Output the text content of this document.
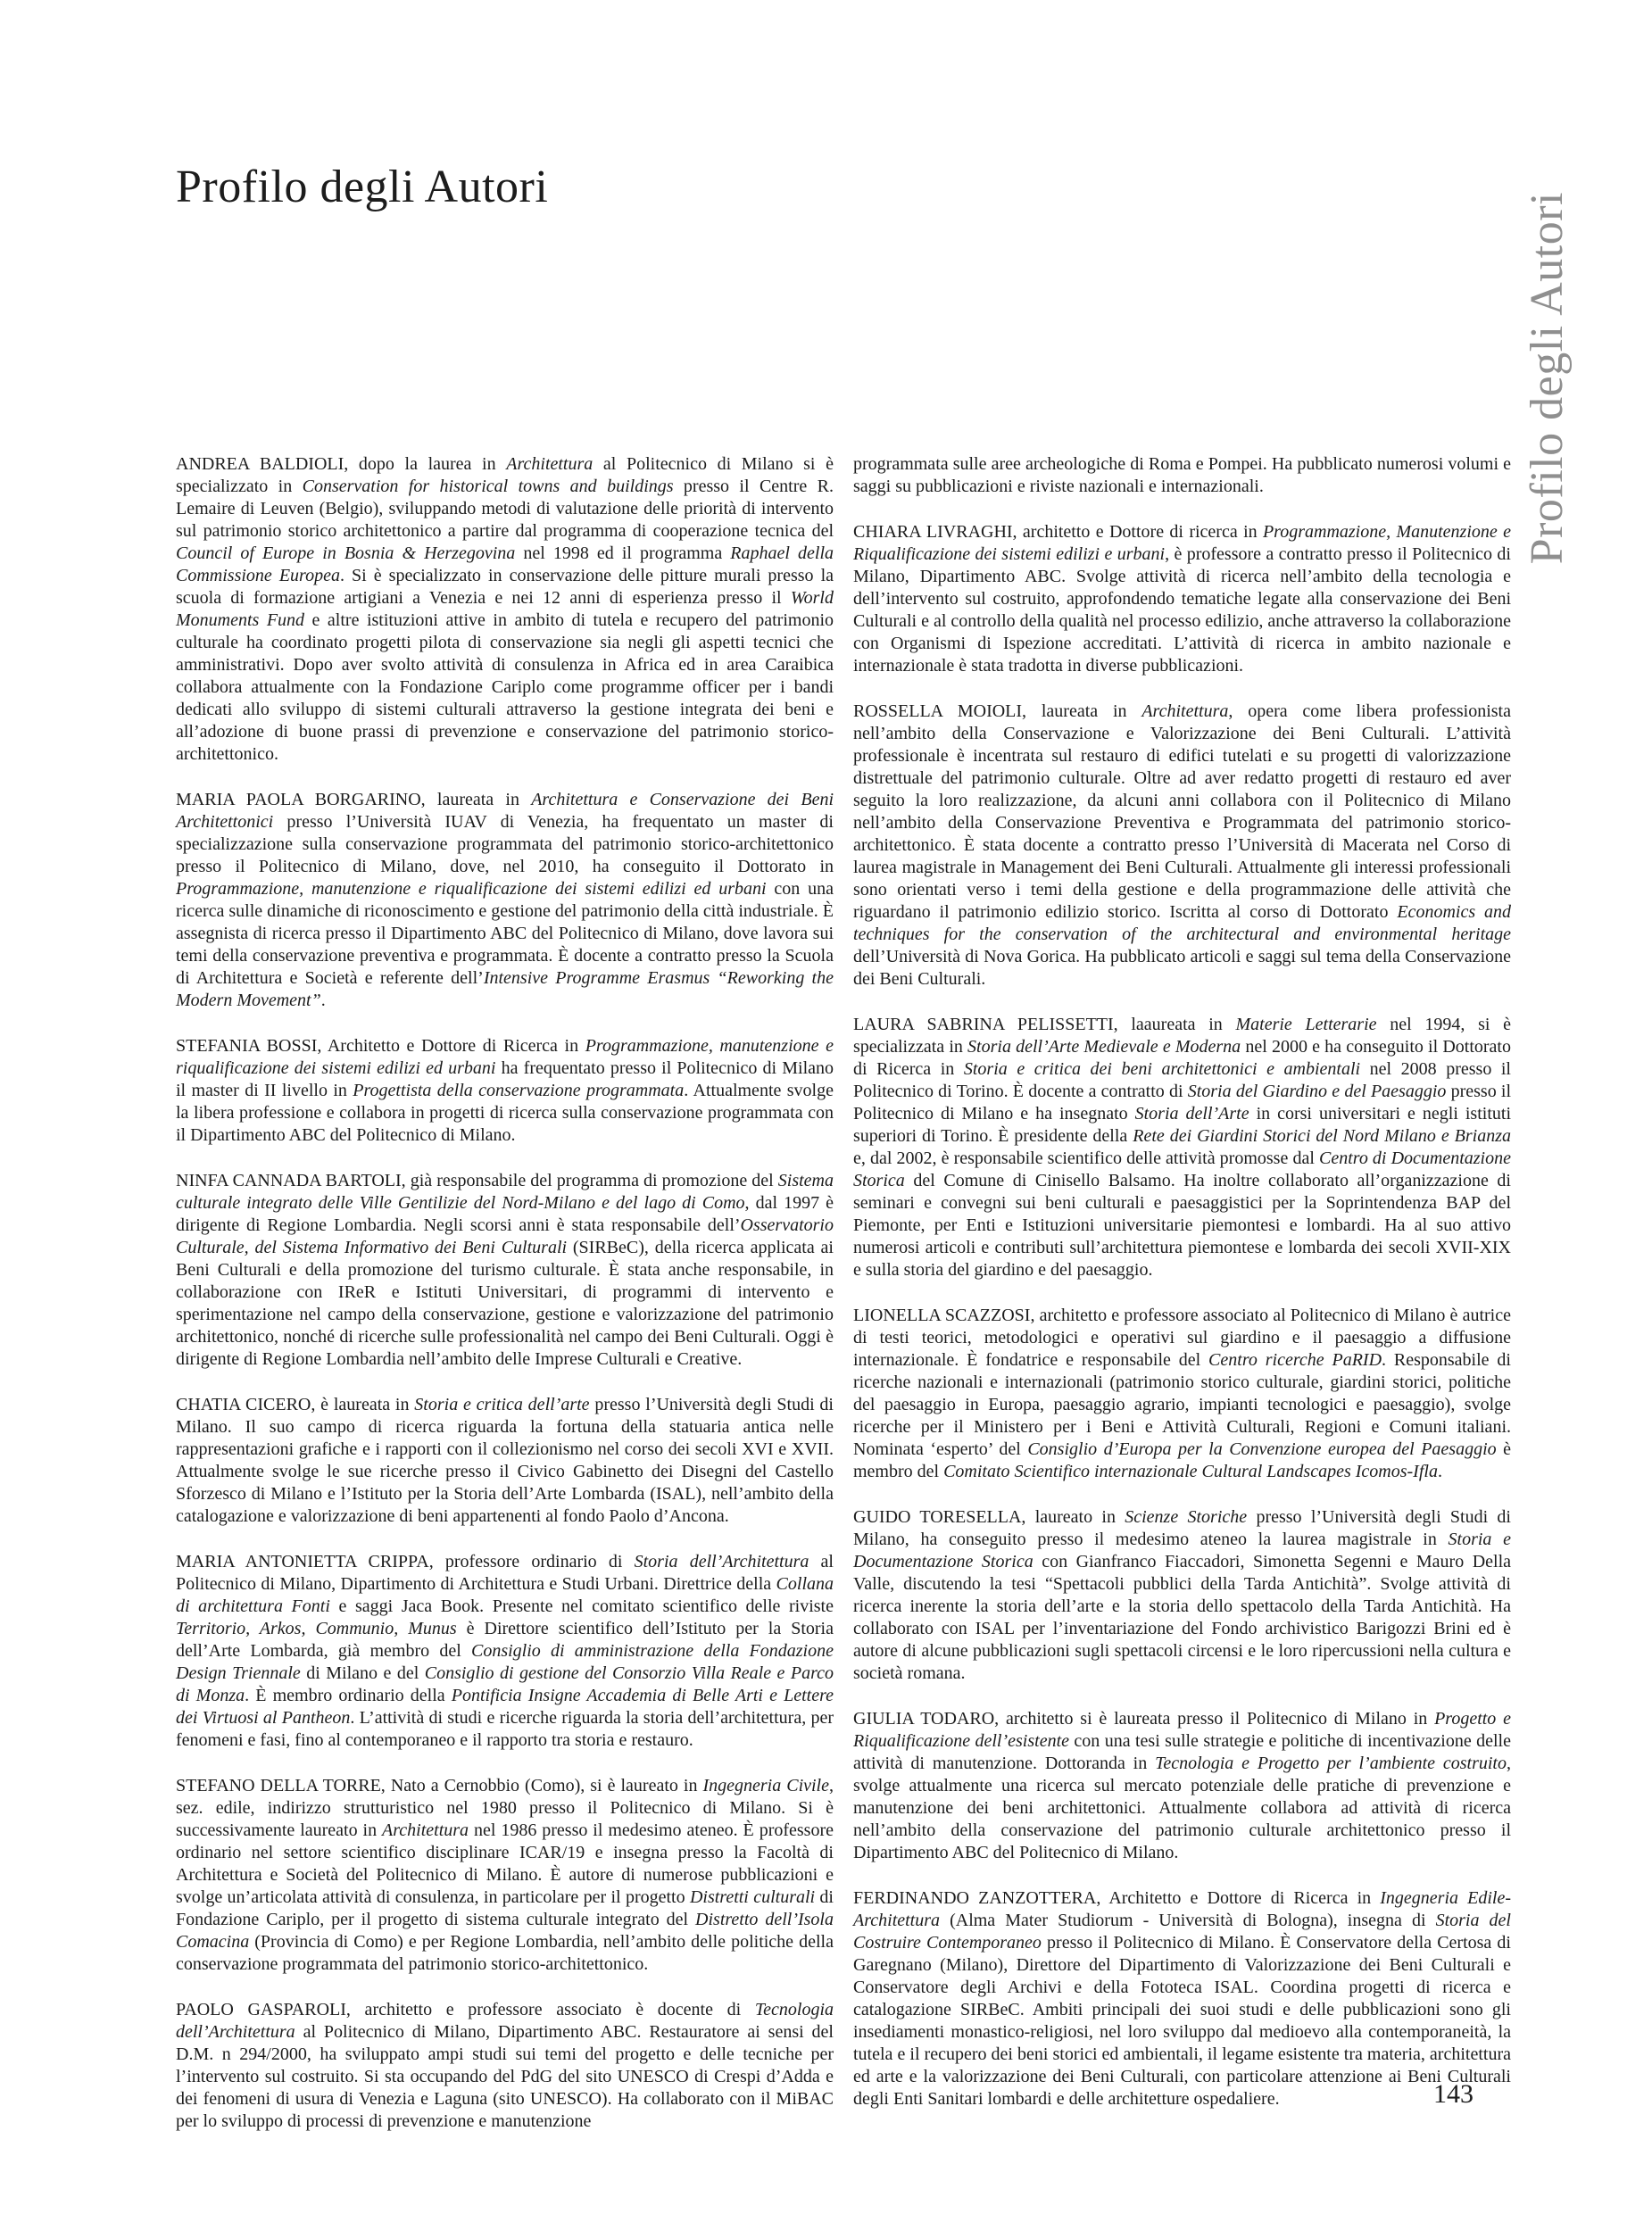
Profilo degli Autori
Profilo degli Autori

ANDREA BALDIOLI, dopo la laurea in Architettura al Politecnico di Milano si è specializzato in Conservation for historical towns and buildings presso il Centre R. Lemaire di Leuven (Belgio), sviluppando metodi di valutazione delle priorità di intervento sul patrimonio storico architettonico a partire dal programma di cooperazione tecnica del Council of Europe in Bosnia & Herzegovina nel 1998 ed il programma Raphael della Commissione Europea. Si è specializzato in conservazione delle pitture murali presso la scuola di formazione artigiani a Venezia e nei 12 anni di esperienza presso il World Monuments Fund e altre istituzioni attive in ambito di tutela e recupero del patrimonio culturale ha coordinato progetti pilota di conservazione sia negli gli aspetti tecnici che amministrativi. Dopo aver svolto attività di consulenza in Africa ed in area Caraibica collabora attualmente con la Fondazione Cariplo come programme officer per i bandi dedicati allo sviluppo di sistemi culturali attraverso la gestione integrata dei beni e all’adozione di buone prassi di prevenzione e conservazione del patrimonio storico-architettonico.

MARIA PAOLA BORGARINO, laureata in Architettura e Conservazione dei Beni Architettonici presso l’Università IUAV di Venezia, ha frequentato un master di specializzazione sulla conservazione programmata del patrimonio storico-architettonico presso il Politecnico di Milano, dove, nel 2010, ha conseguito il Dottorato in Programmazione, manutenzione e riqualificazione dei sistemi edilizi ed urbani con una ricerca sulle dinamiche di riconoscimento e gestione del patrimonio della città industriale. È assegnista di ricerca presso il Dipartimento ABC del Politecnico di Milano, dove lavora sui temi della conservazione preventiva e programmata. È docente a contratto presso la Scuola di Architettura e Società e referente dell’Intensive Programme Erasmus “Reworking the Modern Movement”.

STEFANIA BOSSI, Architetto e Dottore di Ricerca in Programmazione, manutenzione e riqualificazione dei sistemi edilizi ed urbani ha frequentato presso il Politecnico di Milano il master di II livello in Progettista della conservazione programmata. Attualmente svolge la libera professione e collabora in progetti di ricerca sulla conservazione programmata con il Dipartimento ABC del Politecnico di Milano.

NINFA CANNADA BARTOLI, già responsabile del programma di promozione del Sistema culturale integrato delle Ville Gentilizie del Nord-Milano e del lago di Como, dal 1997 è dirigente di Regione Lombardia. Negli scorsi anni è stata responsabile dell’Osservatorio Culturale, del Sistema Informativo dei Beni Culturali (SIRBeC), della ricerca applicata ai Beni Culturali e della promozione del turismo culturale. È stata anche responsabile, in collaborazione con IReR e Istituti Universitari, di programmi di intervento e sperimentazione nel campo della conservazione, gestione e valorizzazione del patrimonio architettonico, nonché di ricerche sulle professionalità nel campo dei Beni Culturali. Oggi è dirigente di Regione Lombardia nell’ambito delle Imprese Culturali e Creative.

CHATIA CICERO, è laureata in Storia e critica dell’arte presso l’Università degli Studi di Milano. Il suo campo di ricerca riguarda la fortuna della statuaria antica nelle rappresentazioni grafiche e i rapporti con il collezionismo nel corso dei secoli XVI e XVII. Attualmente svolge le sue ricerche presso il Civico Gabinetto dei Disegni del Castello Sforzesco di Milano e l’Istituto per la Storia dell’Arte Lombarda (ISAL), nell’ambito della catalogazione e valorizzazione di beni appartenenti al fondo Paolo d’Ancona.

MARIA ANTONIETTA CRIPPA, professore ordinario di Storia dell’Architettura al Politecnico di Milano, Dipartimento di Architettura e Studi Urbani. Direttrice della Collana di architettura Fonti e saggi Jaca Book. Presente nel comitato scientifico delle riviste Territorio, Arkos, Communio, Munus è Direttore scientifico dell’Istituto per la Storia dell’Arte Lombarda, già membro del Consiglio di amministrazione della Fondazione Design Triennale di Milano e del Consiglio di gestione del Consorzio Villa Reale e Parco di Monza. È membro ordinario della Pontificia Insigne Accademia di Belle Arti e Lettere dei Virtuosi al Pantheon. L’attività di studi e ricerche riguarda la storia dell’architettura, per fenomeni e fasi, fino al contemporaneo e il rapporto tra storia e restauro.

STEFANO DELLA TORRE, Nato a Cernobbio (Como), si è laureato in Ingegneria Civile, sez. edile, indirizzo strutturistico nel 1980 presso il Politecnico di Milano. Si è successivamente laureato in Architettura nel 1986 presso il medesimo ateneo. È professore ordinario nel settore scientifico disciplinare ICAR/19 e insegna presso la Facoltà di Architettura e Società del Politecnico di Milano. È autore di numerose pubblicazioni e svolge un’articolata attività di consulenza, in particolare per il progetto Distretti culturali di Fondazione Cariplo, per il progetto di sistema culturale integrato del Distretto dell’Isola Comacina (Provincia di Como) e per Regione Lombardia, nell’ambito delle politiche della conservazione programmata del patrimonio storico-architettonico.

PAOLO GASPAROLI, architetto e professore associato è docente di Tecnologia dell’Architettura al Politecnico di Milano, Dipartimento ABC. Restauratore ai sensi del D.M. n 294/2000, ha sviluppato ampi studi sui temi del progetto e delle tecniche per l’intervento sul costruito. Si sta occupando del PdG del sito UNESCO di Crespi d’Adda e dei fenomeni di usura di Venezia e Laguna (sito UNESCO). Ha collaborato con il MiBAC per lo sviluppo di processi di prevenzione e manutenzione

programmata sulle aree archeologiche di Roma e Pompei. Ha pubblicato numerosi volumi e saggi su pubblicazioni e riviste nazionali e internazionali.

CHIARA LIVRAGHI, architetto e Dottore di ricerca in Programmazione, Manutenzione e Riqualificazione dei sistemi edilizi e urbani, è professore a contratto presso il Politecnico di Milano, Dipartimento ABC. Svolge attività di ricerca nell’ambito della tecnologia e dell’intervento sul costruito, approfondendo tematiche legate alla conservazione dei Beni Culturali e al controllo della qualità nel processo edilizio, anche attraverso la collaborazione con Organismi di Ispezione accreditati. L’attività di ricerca in ambito nazionale e internazionale è stata tradotta in diverse pubblicazioni.

ROSSELLA MOIOLI, laureata in Architettura, opera come libera professionista nell’ambito della Conservazione e Valorizzazione dei Beni Culturali. L’attività professionale è incentrata sul restauro di edifici tutelati e su progetti di valorizzazione distrettuale del patrimonio culturale. Oltre ad aver redatto progetti di restauro ed aver seguito la loro realizzazione, da alcuni anni collabora con il Politecnico di Milano nell’ambito della Conservazione Preventiva e Programmata del patrimonio storico-architettonico. È stata docente a contratto presso l’Università di Macerata nel Corso di laurea magistrale in Management dei Beni Culturali. Attualmente gli interessi professionali sono orientati verso i temi della gestione e della programmazione delle attività che riguardano il patrimonio edilizio storico. Iscritta al corso di Dottorato Economics and techniques for the conservation of the architectural and environmental heritage dell’Università di Nova Gorica. Ha pubblicato articoli e saggi sul tema della Conservazione dei Beni Culturali.

LAURA SABRINA PELISSETTI, laaureata in Materie Letterarie nel 1994, si è specializzata in Storia dell’Arte Medievale e Moderna nel 2000 e ha conseguito il Dottorato di Ricerca in Storia e critica dei beni architettonici e ambientali nel 2008 presso il Politecnico di Torino. È docente a contratto di Storia del Giardino e del Paesaggio presso il Politecnico di Milano e ha insegnato Storia dell’Arte in corsi universitari e negli istituti superiori di Torino. È presidente della Rete dei Giardini Storici del Nord Milano e Brianza e, dal 2002, è responsabile scientifico delle attività promosse dal Centro di Documentazione Storica del Comune di Cinisello Balsamo. Ha inoltre collaborato all’organizzazione di seminari e convegni sui beni culturali e paesaggistici per la Soprintendenza BAP del Piemonte, per Enti e Istituzioni universitarie piemontesi e lombardi. Ha al suo attivo numerosi articoli e contributi sull’architettura piemontese e lombarda dei secoli XVII-XIX e sulla storia del giardino e del paesaggio.

LIONELLA SCAZZOSI, architetto e professore associato al Politecnico di Milano è autrice di testi teorici, metodologici e operativi sul giardino e il paesaggio a diffusione internazionale. È fondatrice e responsabile del Centro ricerche PaRID. Responsabile di ricerche nazionali e internazionali (patrimonio storico culturale, giardini storici, politiche del paesaggio in Europa, paesaggio agrario, impianti tecnologici e paesaggio), svolge ricerche per il Ministero per i Beni e Attività Culturali, Regioni e Comuni italiani. Nominata ‘esperto’ del Consiglio d’Europa per la Convenzione europea del Paesaggio è membro del Comitato Scientifico internazionale Cultural Landscapes Icomos-Ifla.

GUIDO TORESELLA, laureato in Scienze Storiche presso l’Università degli Studi di Milano, ha conseguito presso il medesimo ateneo la laurea magistrale in Storia e Documentazione Storica con Gianfranco Fiaccadori, Simonetta Segenni e Mauro Della Valle, discutendo la tesi “Spettacoli pubblici della Tarda Antichità”. Svolge attività di ricerca inerente la storia dell’arte e la storia dello spettacolo della Tarda Antichità. Ha collaborato con ISAL per l’inventariazione del Fondo archivistico Barigozzi Brini ed è autore di alcune pubblicazioni sugli spettacoli circensi e le loro ripercussioni nella cultura e società romana.

GIULIA TODARO, architetto si è laureata presso il Politecnico di Milano in Progetto e Riqualificazione dell’esistente con una tesi sulle strategie e politiche di incentivazione delle attività di manutenzione. Dottoranda in Tecnologia e Progetto per l’ambiente costruito, svolge attualmente una ricerca sul mercato potenziale delle pratiche di prevenzione e manutenzione dei beni architettonici. Attualmente collabora ad attività di ricerca nell’ambito della conservazione del patrimonio culturale architettonico presso il Dipartimento ABC del Politecnico di Milano.

FERDINANDO ZANZOTTERA, Architetto e Dottore di Ricerca in Ingegneria Edile-Architettura (Alma Mater Studiorum - Università di Bologna), insegna di Storia del Costruire Contemporaneo presso il Politecnico di Milano. È Conservatore della Certosa di Garegnano (Milano), Direttore del Dipartimento di Valorizzazione dei Beni Culturali e Conservatore degli Archivi e della Fototeca ISAL. Coordina progetti di ricerca e catalogazione SIRBeC. Ambiti principali dei suoi studi e delle pubblicazioni sono gli insediamenti monastico-religiosi, nel loro sviluppo dal medioevo alla contemporaneità, la tutela e il recupero dei beni storici ed ambientali, il legame esistente tra materia, architettura ed arte e la valorizzazione dei Beni Culturali, con particolare attenzione ai Beni Culturali degli Enti Sanitari lombardi e delle architetture ospedaliere.	143
